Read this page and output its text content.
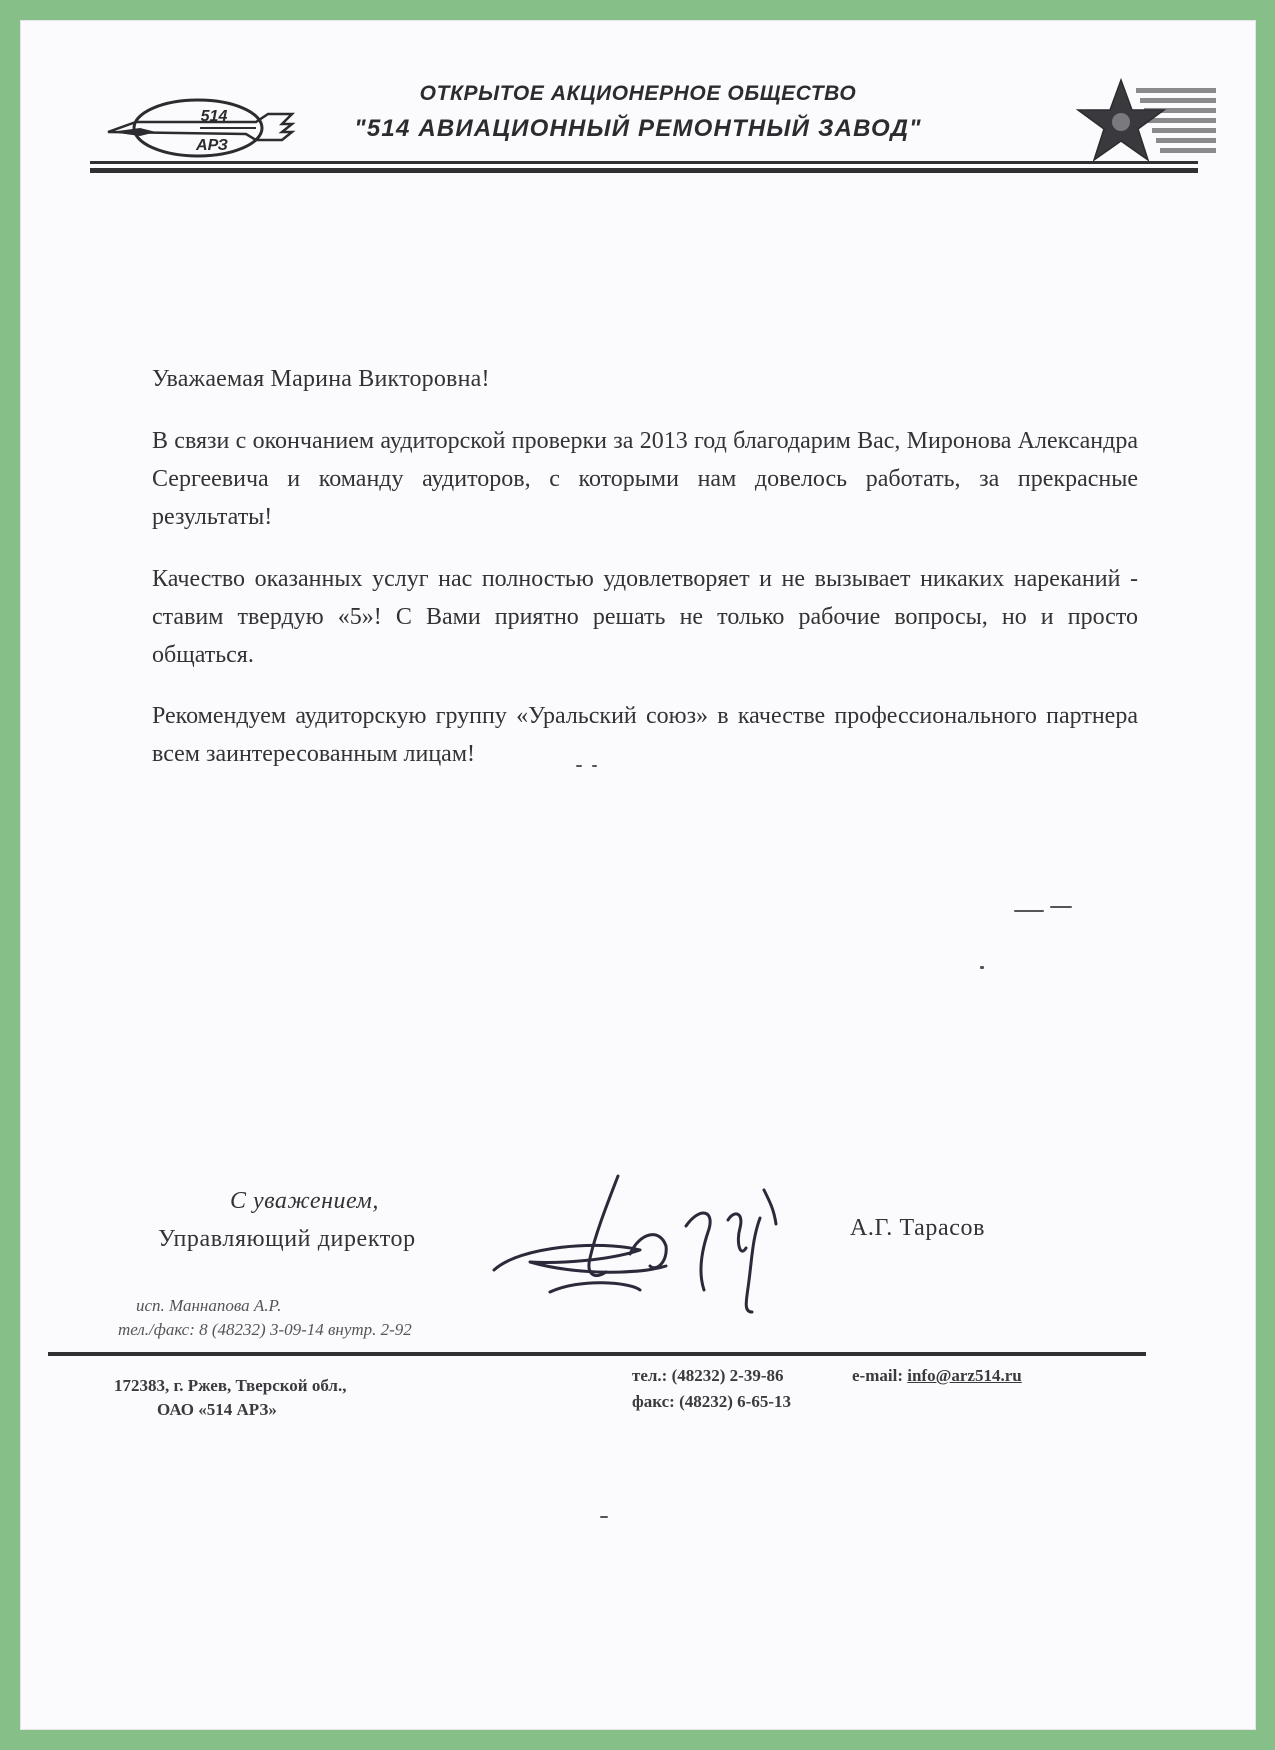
514
АРЗ
ОТКРЫТОЕ АКЦИОНЕРНОЕ ОБЩЕСТВО
"514 АВИАЦИОННЫЙ РЕМОНТНЫЙ ЗАВОД"
Уважаемая Марина Викторовна!

В связи с окончанием аудиторской проверки за 2013 год благодарим Вас, Миронова Александра Сергеевича и команду аудиторов, с которыми нам довелось работать, за прекрасные результаты!

Качество оказанных услуг нас полностью удовлетворяет и не вызывает никаких нареканий - ставим твердую «5»! С Вами приятно решать не только рабочие вопросы, но и просто общаться.

Рекомендуем аудиторскую группу «Уральский союз» в качестве профессионального партнера всем заинтересованным лицам!

С уважением,
Управляющий директор	А.Г. Тарасов
исп. Маннапова А.Р.
тел./факс: 8 (48232) 3-09-14 внутр. 2-92
172383, г. Ржев, Тверской обл.,
ОАО «514 АРЗ»
тел.: (48232) 2-39-86
факс: (48232) 6-65-13
e-mail: info@arz514.ru
